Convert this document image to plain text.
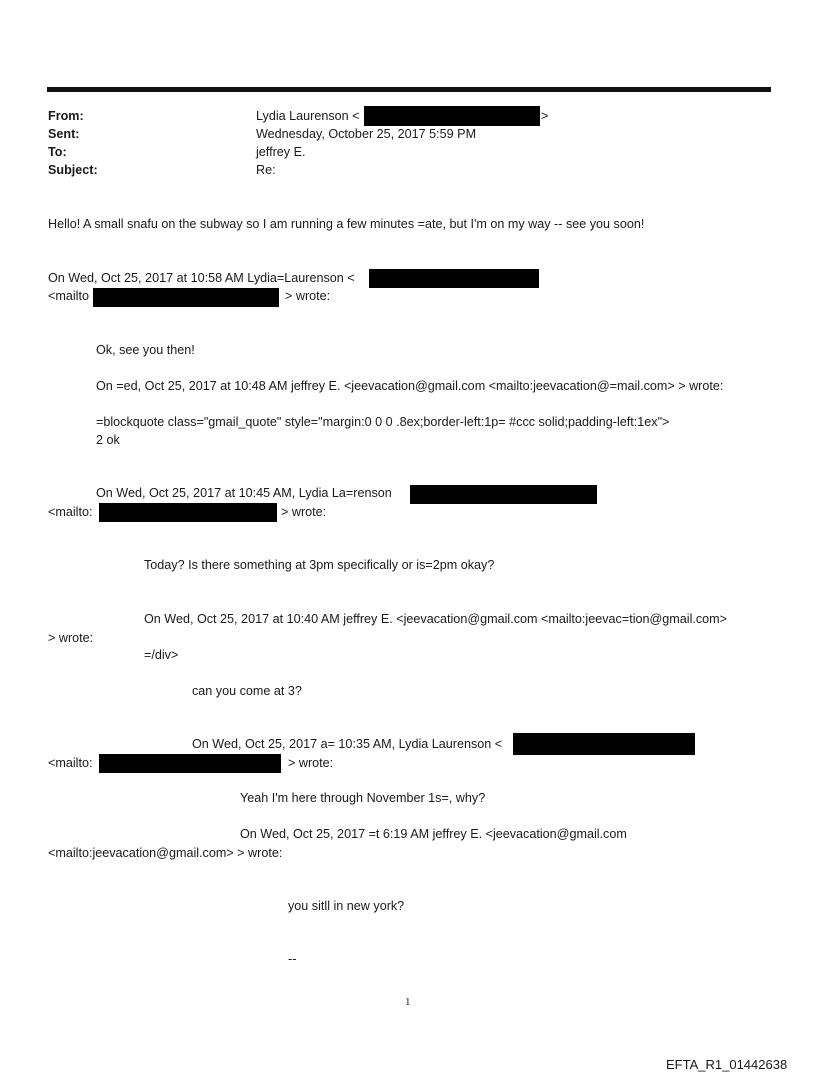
From:	Lydia Laurenson <	>
Sent:	Wednesday, October 25, 2017 5:59 PM
To:	jeffrey E.
Subject:	Re:
Hello! A small snafu on the subway so I am running a few minutes =ate, but I'm on my way -- see you soon!
On Wed, Oct 25, 2017 at 10:58 AM Lydia=Laurenson <
<mailto	> wrote:
Ok, see you then!
On =ed, Oct 25, 2017 at 10:48 AM jeffrey E. <jeevacation@gmail.com <mailto:jeevacation@=mail.com> > wrote:
=blockquote class="gmail_quote" style="margin:0 0 0 .8ex;border-left:1p= #ccc solid;padding-left:1ex">
2 ok
On Wed, Oct 25, 2017 at 10:45 AM, Lydia La=renson
<mailto:	> wrote:
Today? Is there something at 3pm specifically or is=2pm okay?
On Wed, Oct 25, 2017 at 10:40 AM jeffrey E. <jeevacation@gmail.com <mailto:jeevac=tion@gmail.com>
> wrote:
=/div>
can you come at 3?
On Wed, Oct 25, 2017 a= 10:35 AM, Lydia Laurenson <
<mailto:	> wrote:
Yeah I'm here through November 1s=, why?
On Wed, Oct 25, 2017 =t 6:19 AM jeffrey E. <jeevacation@gmail.com
<mailto:jeevacation@gmail.com> > wrote:
you sitll in new york?
--
1
EFTA_R1_01442638
